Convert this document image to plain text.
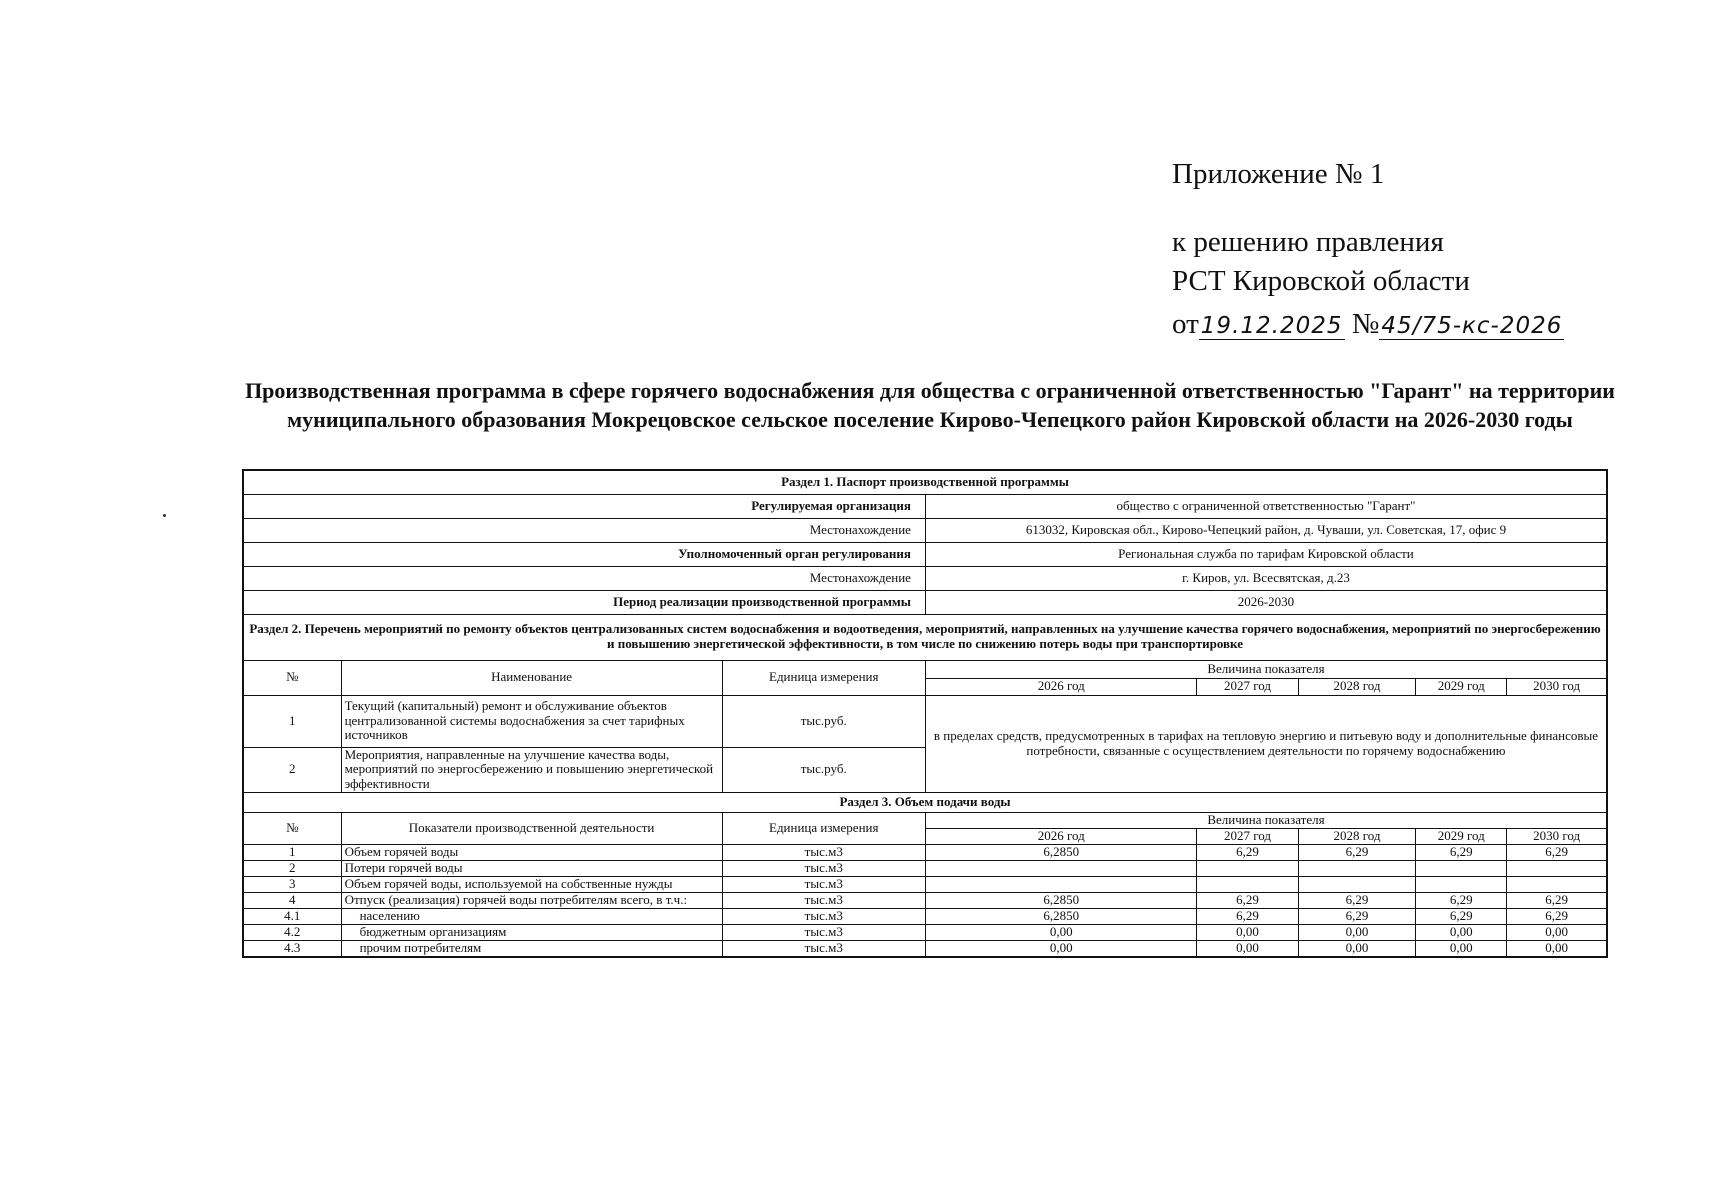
Приложение № 1
к решению правления
РСТ Кировской области
от19.12.2025 №45/75-кс-2026
Производственная программа в сфере горячего водоснабжения для общества с ограниченной ответственностью "Гарант" на территории муниципального образования Мокрецовское сельское поселение Кирово-Чепецкого район Кировской области на 2026-2030 годы
Раздел 1. Паспорт производственной программы							
Регулируемая организация			общество с ограниченной ответственностью "Гарант"				
Местонахождение			613032, Кировская обл., Кирово-Чепецкий район, д. Чуваши, ул. Советская, 17, офис 9				
Уполномоченный орган регулирования			Региональная служба по тарифам Кировской области				
Местонахождение			г. Киров, ул. Всесвятская, д.23				
Период реализации производственной программы			2026-2030				
Раздел 2. Перечень мероприятий по ремонту объектов централизованных систем водоснабжения и водоотведения, мероприятий, направленных на улучшение качества горячего водоснабжения, мероприятий по энергосбережению и повышению энергетической эффективности, в том числе по снижению потерь воды при транспортировке							
№	Наименование	Единица измерения	Величина показателя				
			2026 год	2027 год	2028 год	2029 год	2030 год
1	Текущий (капитальный) ремонт и обслуживание объектов централизованной системы водоснабжения за счет тарифных источников	тыс.руб.	в пределах средств, предусмотренных в тарифах на тепловую энергию и питьевую воду и дополнительные финансовые потребности, связанные с осуществлением деятельности по горячему водоснабжению				
2	Мероприятия, направленные на улучшение качества воды, мероприятий по энергосбережению и повышению энергетической эффективности	тыс.руб.					
Раздел 3. Объем подачи воды							
№	Показатели производственной деятельности	Единица измерения	Величина показателя				
			2026 год	2027 год	2028 год	2029 год	2030 год
1	Объем горячей воды	тыс.м3	6,2850	6,29	6,29	6,29	6,29
2	Потери горячей воды	тыс.м3					
3	Объем горячей воды, используемой на собственные нужды	тыс.м3					
4	Отпуск (реализация) горячей воды потребителям всего, в т.ч.:	тыс.м3	6,2850	6,29	6,29	6,29	6,29
4.1	населению	тыс.м3	6,2850	6,29	6,29	6,29	6,29
4.2	бюджетным организациям	тыс.м3	0,00	0,00	0,00	0,00	0,00
4.3	прочим потребителям	тыс.м3	0,00	0,00	0,00	0,00	0,00
